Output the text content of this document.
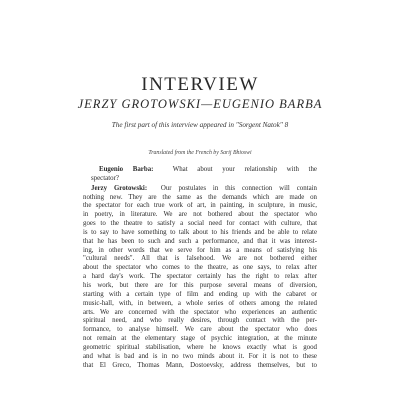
INTERVIEW
JERZY GROTOWSKI—EUGENIO BARBA
The first part of this interview appeared in "Sorgent Natok" 8
Translated from the French by Sarij Bhioswi

Eugenio Barba:	What about your relationship with the
spectator?

Jerzy Grotowski: Our postulates in this connection will contain
nothing new. They are the same as the demands which are made on
the spectator for each true work of art, in painting, in sculpture, in music,
in poetry, in literature. We are not bothered about the spectator who
goes to the theatre to satisfy a social need for contact with culture, that
is to say to have something to talk about to his friends and be able to relate
that he has been to such and such a performance, and that it was interest-
ing, in other words that we serve for him as a means of satisfying his
"cultural needs". All that is falsehood. We are not bothered either
about the spectator who comes to the theatre, as one says, to relax after
a hard day's work. The spectator certainly has the right to relax after
his work, but there are for this purpose several means of diversion,
starting with a certain type of film and ending up with the cabaret or
music-hall, with, in between, a whole series of others among the related
arts. We are concerned with the spectator who experiences an authentic
spiritual need, and who really desires, through contact with the per-
formance, to analyse himself. We care about the spectator who does
not remain at the elementary stage of psychic integration, at the minute
geometric spiritual stabilisation, where he knows exactly what is good
and what is bad and is in no two minds about it. For it is not to these
that El Greco, Thomas Mann, Dostoevsky, address themselves, but to
